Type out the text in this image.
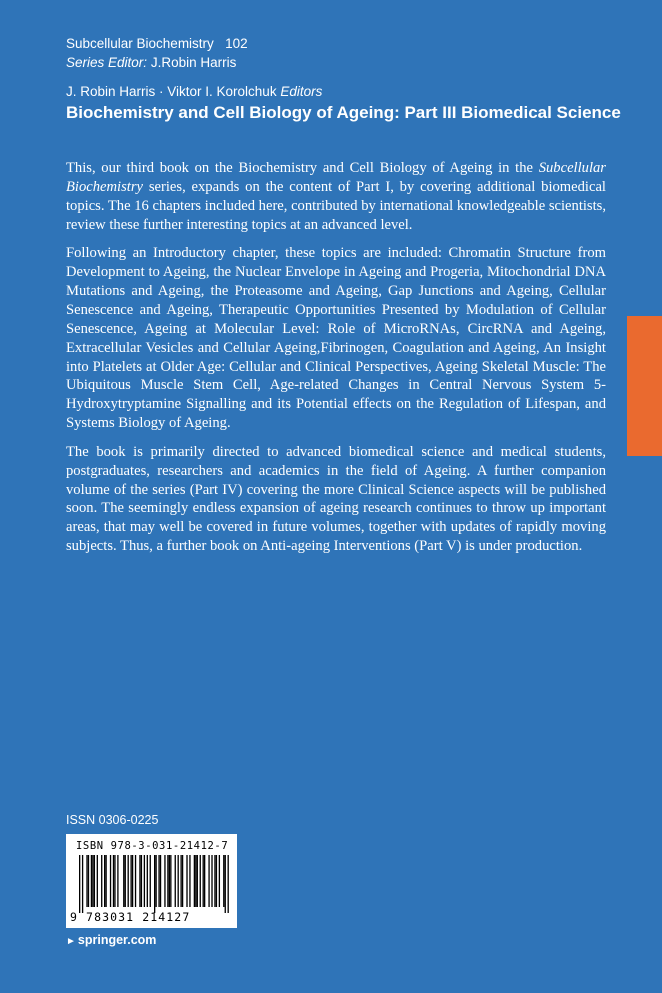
Subcellular Biochemistry 102
Series Editor: J.Robin Harris
J. Robin Harris · Viktor I. Korolchuk Editors
Biochemistry and Cell Biology of Ageing: Part III Biomedical Science

This, our third book on the Biochemistry and Cell Biology of Ageing in the Subcellular Biochemistry series, expands on the content of Part I, by covering additional biomedical topics. The 16 chapters included here, contributed by international knowledgeable scientists, review these further interesting topics at an advanced level.

Following an Introductory chapter, these topics are included: Chromatin Structure from Development to Ageing, the Nuclear Envelope in Ageing and Progeria, Mitochondrial DNA Mutations and Ageing, the Proteasome and Ageing, Gap Junctions and Ageing, Cellular Senescence and Ageing, Therapeutic Opportunities Presented by Modulation of Cellular Senescence, Ageing at Molecular Level: Role of MicroRNAs, CircRNA and Ageing, Extracellular Vesicles and Cellular Ageing,Fibrinogen, Coagulation and Ageing, An Insight into Platelets at Older Age: Cellular and Clinical Perspectives, Ageing Skeletal Muscle: The Ubiquitous Muscle Stem Cell, Age-related Changes in Central Nervous System 5-Hydroxytryptamine Signalling and its Potential effects on the Regulation of Lifespan, and Systems Biology of Ageing.

The book is primarily directed to advanced biomedical science and medical students, postgraduates, researchers and academics in the field of Ageing. A further companion volume of the series (Part IV) covering the more Clinical Science aspects will be published soon. The seemingly endless expansion of ageing research continues to throw up important areas, that may well be covered in future volumes, together with updates of rapidly moving subjects. Thus, a further book on Anti-ageing Interventions (Part V) is under production.

ISSN 0306-0225
ISBN 978-3-031-21412-7
9 783031 214127
► springer.com
